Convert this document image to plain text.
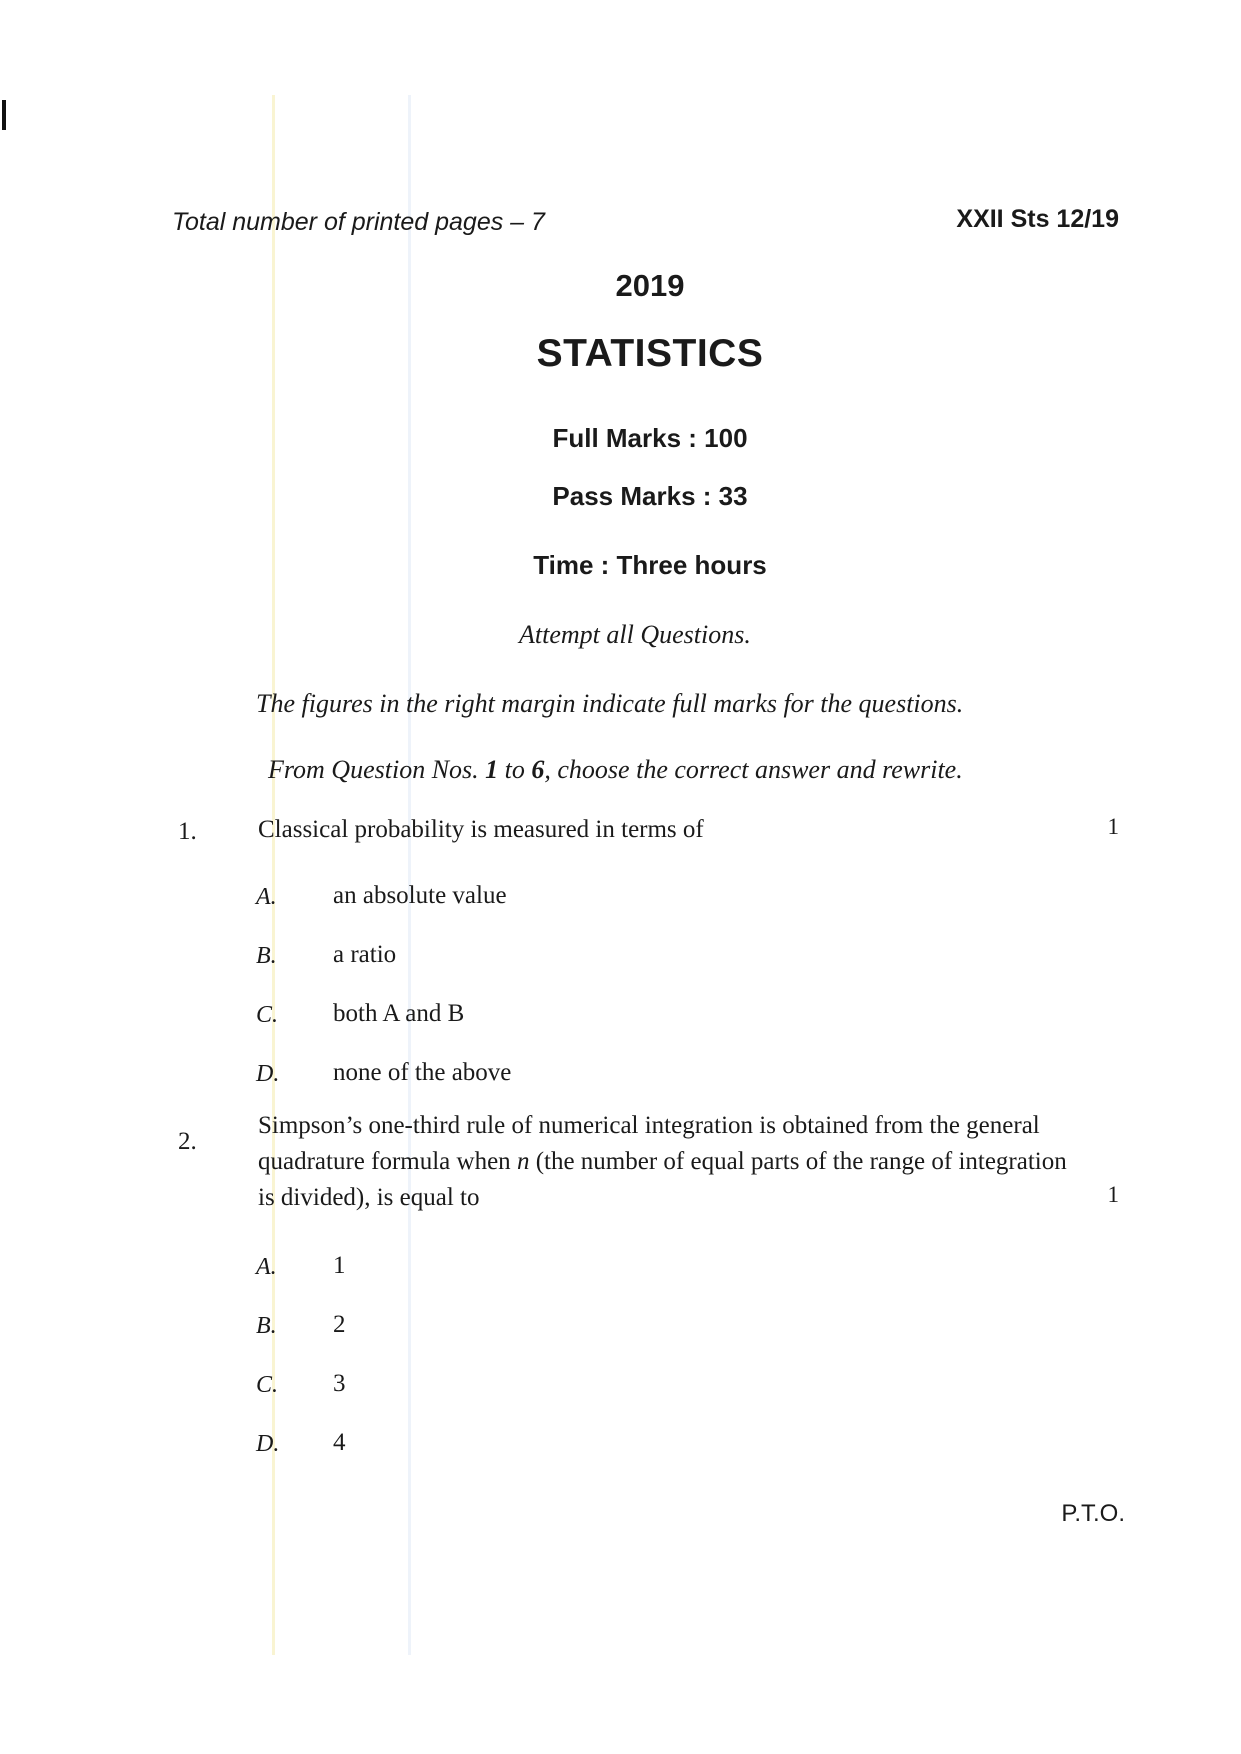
Total number of printed pages – 7	XXII Sts 12/19
2019
STATISTICS
Full Marks : 100
Pass Marks : 33
Time : Three hours
Attempt all Questions.
The figures in the right margin indicate full marks for the questions.
From Question Nos. 1 to 6, choose the correct answer and rewrite.
1. Classical probability is measured in terms of	1
A. an absolute value
B. a ratio
C. both A and B
D. none of the above
2.
Simpson’s one-third rule of numerical integration is obtained from the general
quadrature formula when n (the number of equal parts of the range of integration
is divided), is equal to	1
A. 1
B. 2
C. 3
D. 4
P.T.O.
